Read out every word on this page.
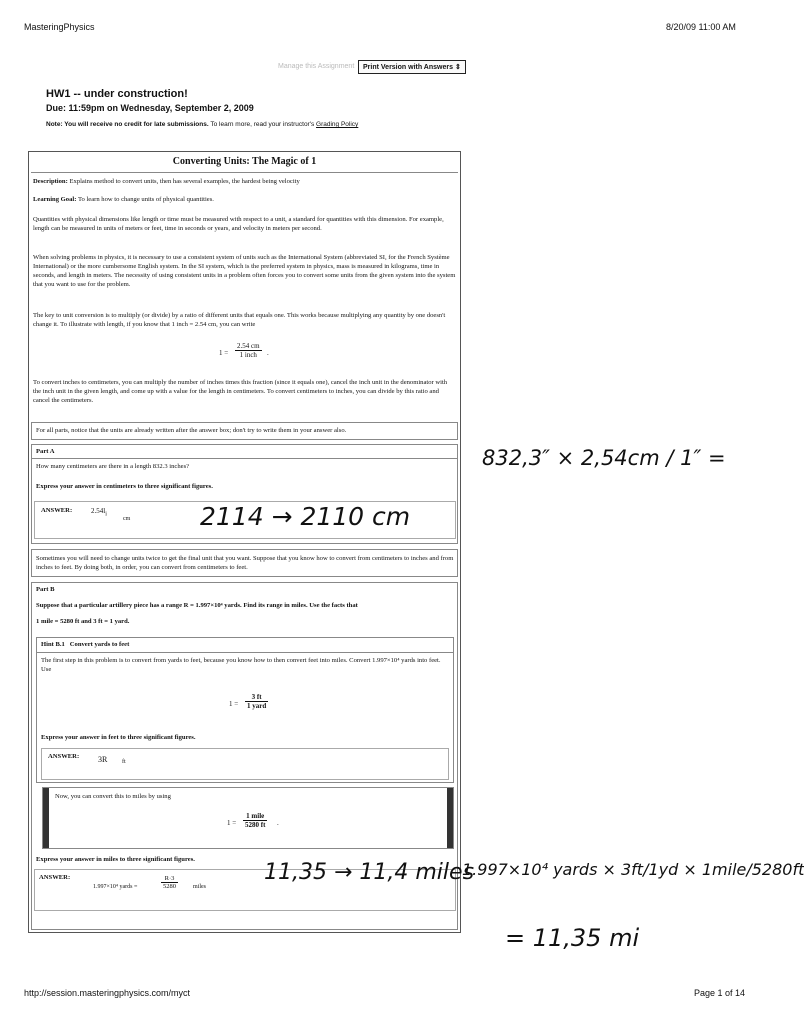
MasteringPhysics	8/20/09 11:00 AM
Manage this Assignment	Print Version with Answers ⇕
HW1 -- under construction!
Due: 11:59pm on Wednesday, September 2, 2009
Note: You will receive no credit for late submissions. To learn more, read your instructor's Grading Policy
Converting Units: The Magic of 1
Description: Explains method to convert units, then has several examples, the hardest being velocity
Learning Goal: To learn how to change units of physical quantities.
Quantities with physical dimensions like length or time must be measured with respect to a unit, a standard for quantities with this dimension. For example, length can be measured in units of meters or feet, time in seconds or years, and velocity in meters per second.
When solving problems in physics, it is necessary to use a consistent system of units such as the International System (abbreviated SI, for the French Système International) or the more cumbersome English system. In the SI system, which is the preferred system in physics, mass is measured in kilograms, time in seconds, and length in meters. The necessity of using consistent units in a problem often forces you to convert some units from the given system into the system that you want to use for the problem.
The key to unit conversion is to multiply (or divide) by a ratio of different units that equals one. This works because multiplying any quantity by one doesn't change it. To illustrate with length, if you know that 1 inch = 2.54 cm, you can write
1 =
2.54 cm
1 inch	.
To convert inches to centimeters, you can multiply the number of inches times this fraction (since it equals one), cancel the inch unit in the denominator with the inch unit in the given length, and come up with a value for the length in centimeters. To convert centimeters to inches, you can divide by this ratio and cancel the centimeters.
For all parts, notice that the units are already written after the answer box; don't try to write them in your answer also.
Part A
How many centimeters are there in a length 832.3 inches?
Express your answer in centimeters to three significant figures.
ANSWER:	$2.54l_i$
cm
Sometimes you will need to change units twice to get the final unit that you want. Suppose that you know how to convert from centimeters to inches and from inches to feet. By doing both, in order, you can convert from centimeters to feet.
Part B
Suppose that a particular artillery piece has a range R = 1.997×10⁴ yards. Find its range in miles. Use the facts that
1 mile = 5280 ft and 3 ft = 1 yard.
Hint B.1 Convert yards to feet
The first step in this problem is to convert from yards to feet, because you know how to then convert feet into miles. Convert 1.997×10⁴ yards into feet. Use
1 =
3 ft
1 yard
Express your answer in feet to three significant figures.
ANSWER: 3R ft
Now, you can convert this to miles by using
1 =
1 mile
5280 ft .
Express your answer in miles to three significant figures.
ANSWER:
1.997×10⁴ yards =	$\frac{R\cdot 3}{5280}$	miles
832,3″ × 2,54cm / 1″ =
2114 → 2110 cm
11,35 → 11,4 miles
1.997×10⁴ yards × 3ft/1yd × 1mile/5280ft
= 11,35 mi
http://session.masteringphysics.com/myct	Page 1 of 14
